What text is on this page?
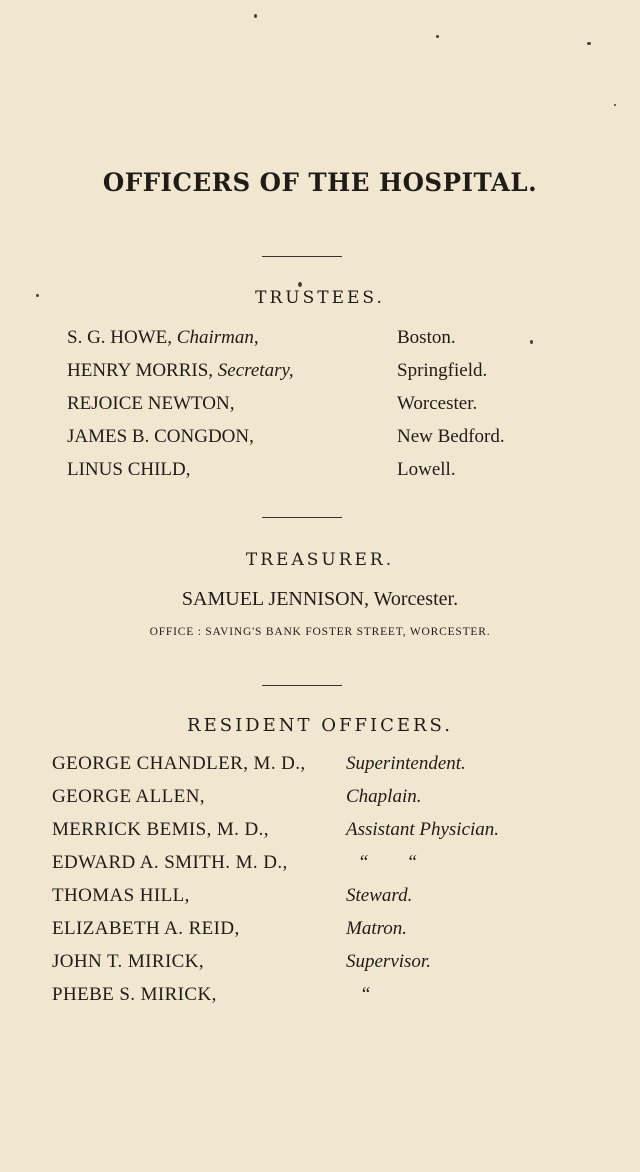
OFFICERS OF THE HOSPITAL.
TRUSTEES.
S. G. HOWE, Chairman,	Boston.
HENRY MORRIS, Secretary,	Springfield.
REJOICE NEWTON,	Worcester.
JAMES B. CONGDON,	New Bedford.
LINUS CHILD,	Lowell.
TREASURER.
SAMUEL JENNISON, Worcester.
OFFICE : SAVING'S BANK FOSTER STREET, WORCESTER.
RESIDENT OFFICERS.
GEORGE CHANDLER, M. D., Superintendent.
GEORGE ALLEN,	Chaplain.
MERRICK BEMIS, M. D.,	Assistant Physician.
EDWARD A. SMITH. M. D.,	“        “
THOMAS HILL,	Steward.
ELIZABETH A. REID,	Matron.
JOHN T. MIRICK,	Supervisor.
PHEBE S. MIRICK,	“
